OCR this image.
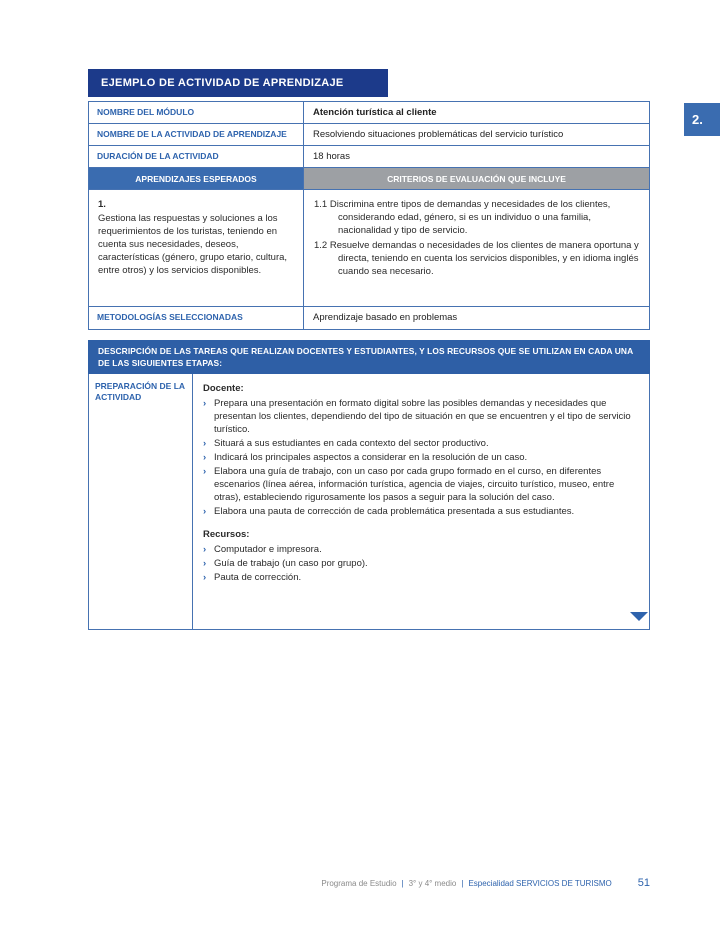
EJEMPLO DE ACTIVIDAD DE APRENDIZAJE
NOMBRE DEL MÓDULO	Atención turística al cliente
NOMBRE DE LA ACTIVIDAD DE APRENDIZAJE	Resolviendo situaciones problemáticas del servicio turístico
DURACIÓN DE LA ACTIVIDAD	18 horas
APRENDIZAJES ESPERADOS	CRITERIOS DE EVALUACIÓN QUE INCLUYE
1.
Gestiona las respuestas y soluciones a los requerimientos de los turistas, teniendo en cuenta sus necesidades, deseos, características (género, grupo etario, cultura, entre otros) y los servicios disponibles.
1.1 Discrimina entre tipos de demandas y necesidades de los clientes, considerando edad, género, si es un individuo o una familia, nacionalidad y tipo de servicio.
1.2 Resuelve demandas o necesidades de los clientes de manera oportuna y directa, teniendo en cuenta los servicios disponibles, y en idioma inglés cuando sea necesario.
METODOLOGÍAS SELECCIONADAS	Aprendizaje basado en problemas
DESCRIPCIÓN DE LAS TAREAS QUE REALIZAN DOCENTES Y ESTUDIANTES, Y LOS RECURSOS QUE SE UTILIZAN EN CADA UNA DE LAS SIGUIENTES ETAPAS:
PREPARACIÓN DE LA ACTIVIDAD
Docente:
› Prepara una presentación en formato digital sobre las posibles demandas y necesidades que presentan los clientes, dependiendo del tipo de situación en que se encuentren y el tipo de servicio turístico.
› Situará a sus estudiantes en cada contexto del sector productivo.
› Indicará los principales aspectos a considerar en la resolución de un caso.
› Elabora una guía de trabajo, con un caso por cada grupo formado en el curso, en diferentes escenarios (línea aérea, información turística, agencia de viajes, circuito turístico, museo, entre otras), estableciendo rigurosamente los pasos a seguir para la solución del caso.
› Elabora una pauta de corrección de cada problemática presentada a sus estudiantes.
Recursos:
› Computador e impresora.
› Guía de trabajo (un caso por grupo).
› Pauta de corrección.
2.
Programa de Estudio | 3° y 4° medio | Especialidad SERVICIOS DE TURISMO 51
